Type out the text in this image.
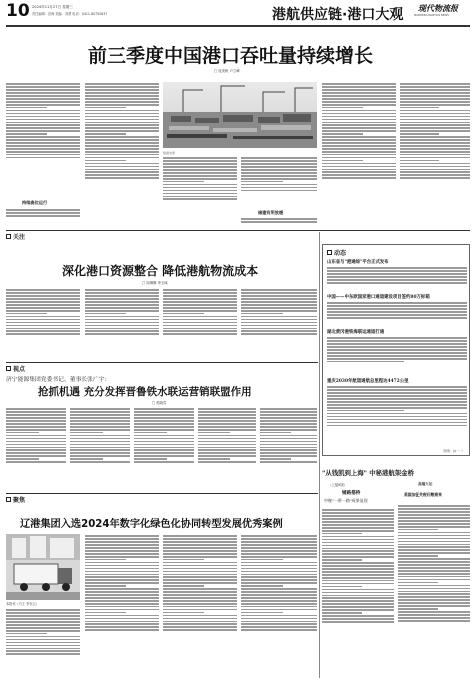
10 2024年11月27日 星期三
责任编辑：田海 美编：刘勇 电话：0411-80750637	港航供应链·港口大观 现代物流报
MODERN LOGISTICS NEWS
前三季度中国港口吞吐量持续增长
□ 庞美帆 卢立峰
持续高位运行
数据来源
储建有所放缓
关注
深化港口资源整合 降低港航物流成本
□ 周琳琳 李玉琢
动态
山东省与"港通综"平台正式发布
中国——中东欧国家港口通道建设项目签约80万标箱
湖北黄冈港铁海联运通道打通
重庆2030年航道通航总里程达4472公里
（整理：林一一）
视点
济宁能源集团党委书记、董事长张广宇：
抢抓机遇 充分发挥晋鲁铁水联运营销联盟作用
□ 郭晓雪
"从钱凯到上海" 中秘港航架金桥
（上接8版）
铺路搭桥
中秘"一带一路"成果显现
高端大坛
美国加征关税归鲅商来
聚焦
辽港集团入选2024年数字化绿色化协同转型发展优秀案例
本报讯（马王 李东云）
